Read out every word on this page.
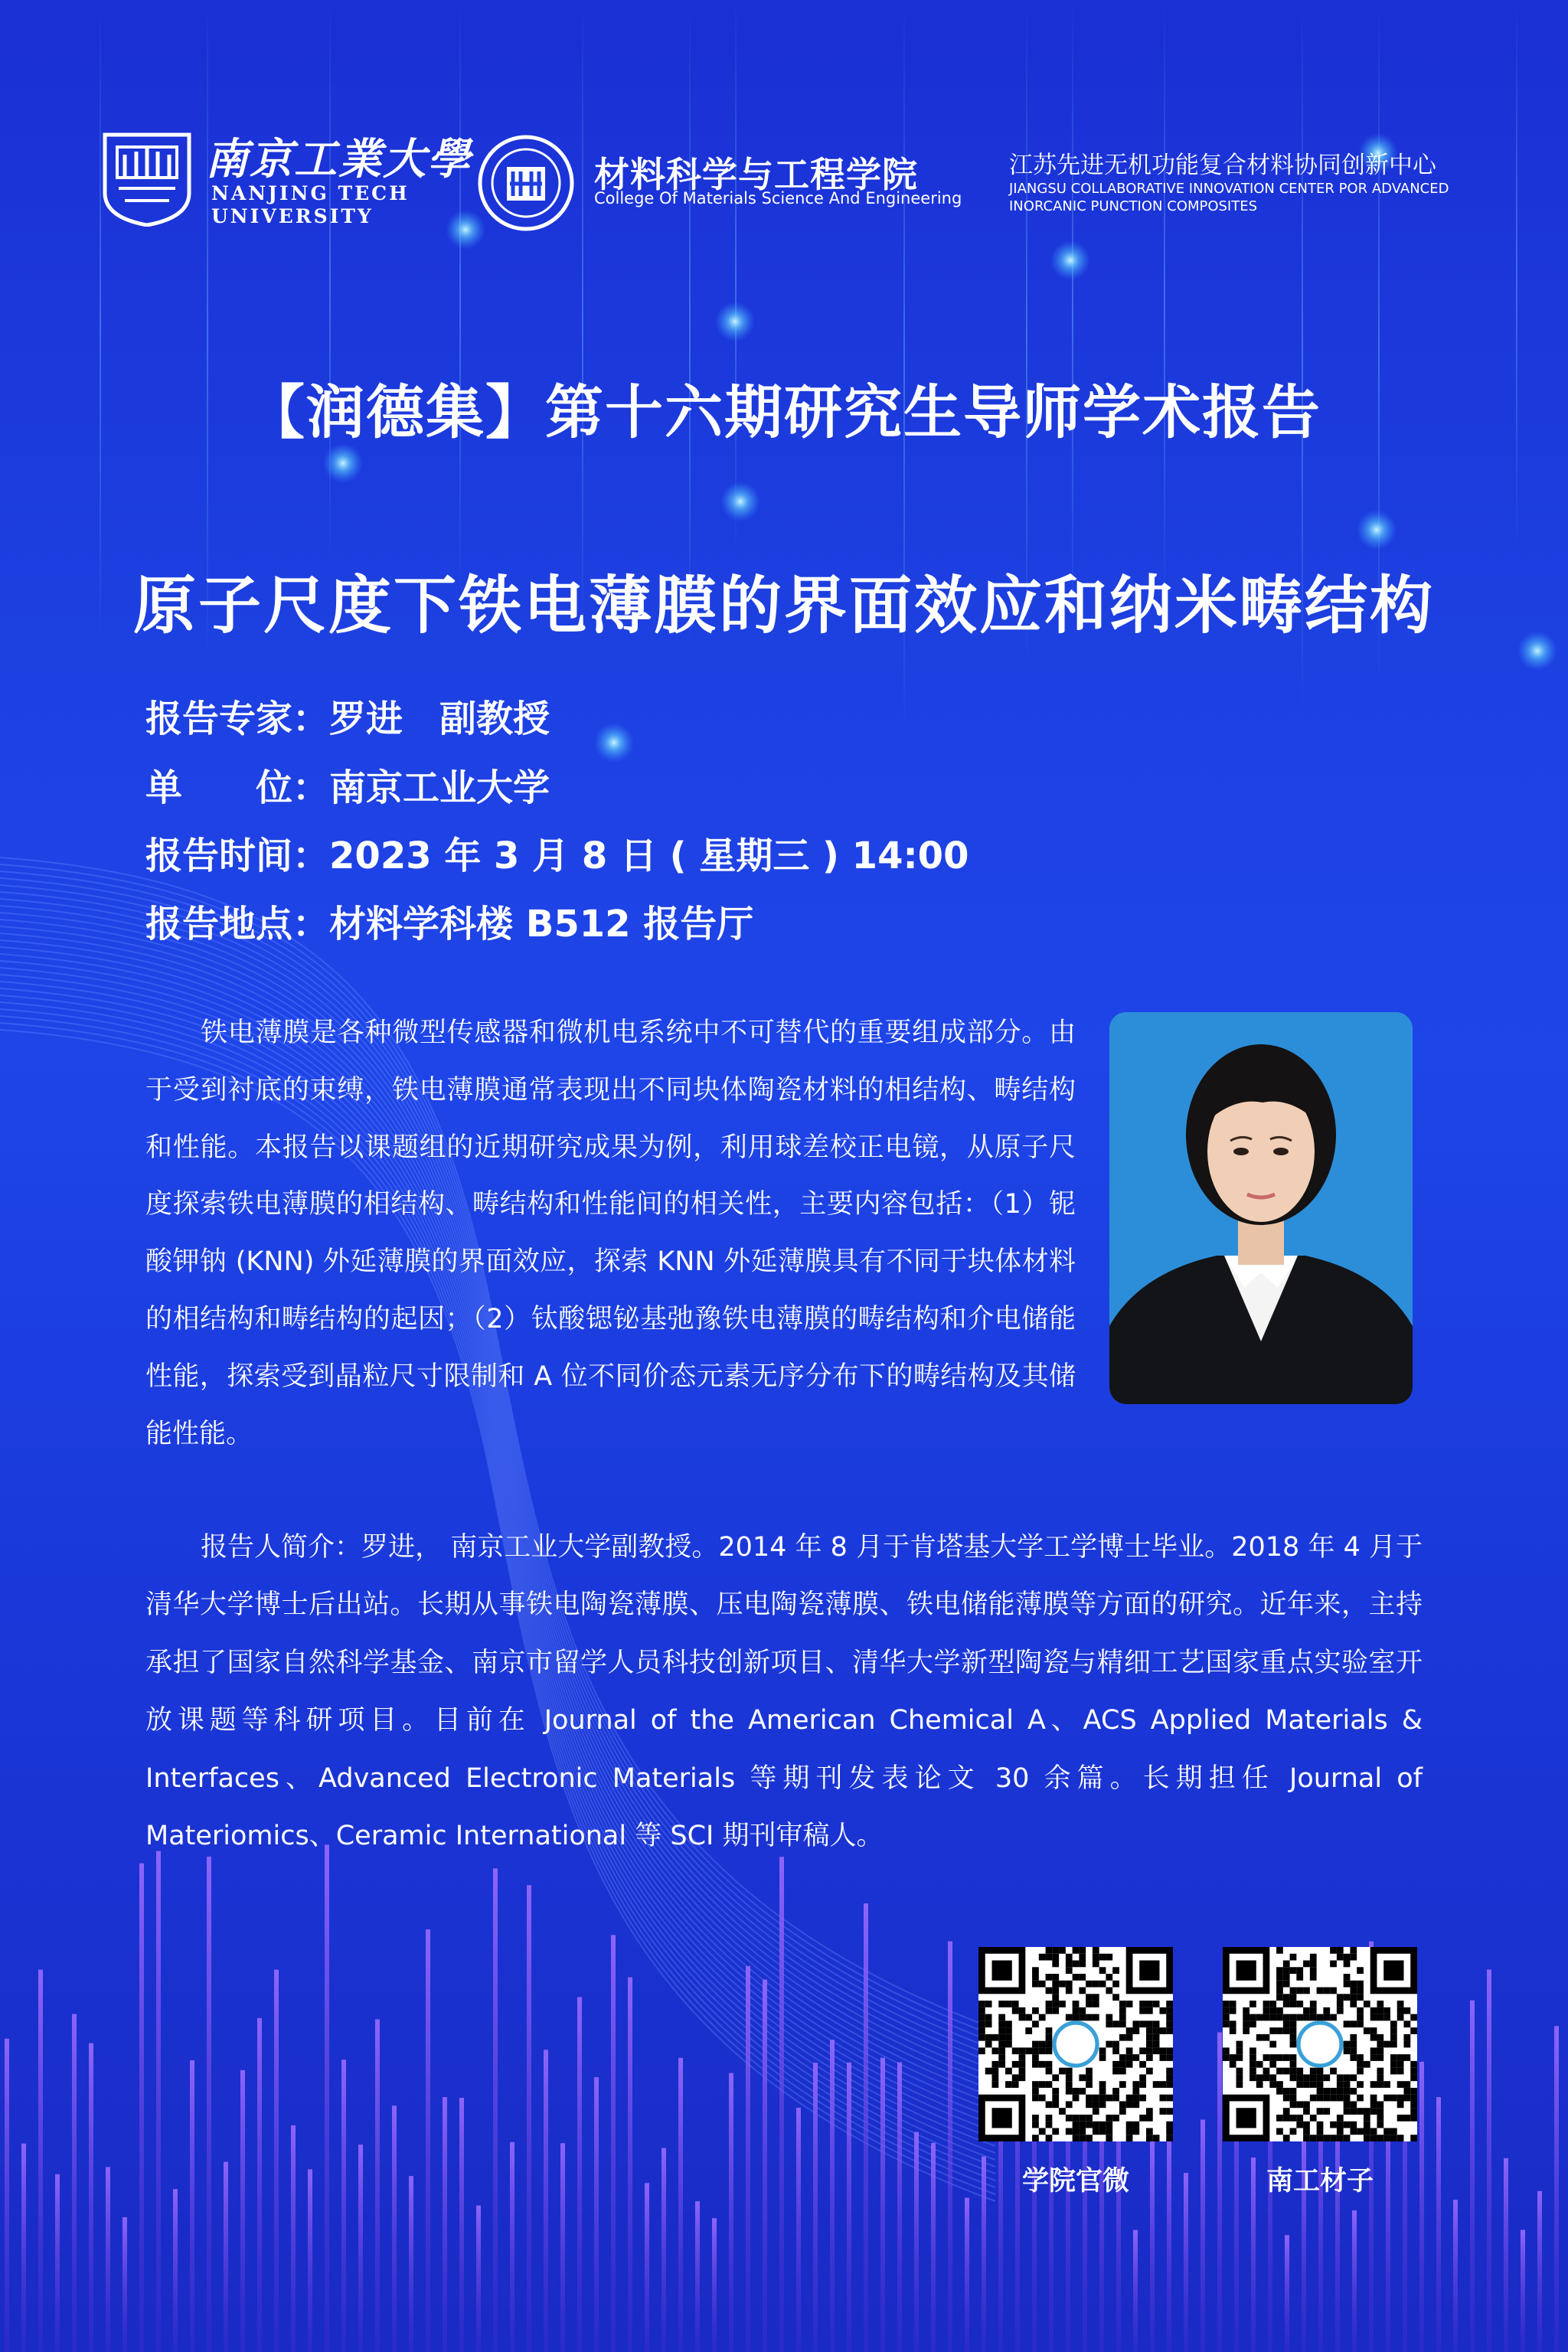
南京工業大學
NANJING TECH
UNIVERSITY
材料科学与工程学院
College Of Materials Science And Engineering
江苏先进无机功能复合材料协同创新中心
JIANGSU COLLABORATIVE INNOVATION CENTER POR ADVANCED
INORCANIC PUNCTION COMPOSITES
【润德集】第十六期研究生导师学术报告
原子尺度下铁电薄膜的界面效应和纳米畴结构
报告专家：罗进　副教授
单　　位：南京工业大学
报告时间：2023 年 3 月 8 日 ( 星期三 ) 14:00
报告地点：材料学科楼 B512 报告厅
铁电薄膜是各种微型传感器和微机电系统中不可替代的重要组成部分。由于受到衬底的束缚，铁电薄膜通常表现出不同块体陶瓷材料的相结构、畴结构和性能。本报告以课题组的近期研究成果为例，利用球差校正电镜，从原子尺度探索铁电薄膜的相结构、畴结构和性能间的相关性，主要内容包括：（1）铌酸钾钠 (KNN) 外延薄膜的界面效应，探索 KNN 外延薄膜具有不同于块体材料的相结构和畴结构的起因；（2）钛酸锶铋基弛豫铁电薄膜的畴结构和介电储能性能，探索受到晶粒尺寸限制和 A 位不同价态元素无序分布下的畴结构及其储能性能。
报告人简介：罗进， 南京工业大学副教授。2014 年 8 月于肯塔基大学工学博士毕业。2018 年 4 月于清华大学博士后出站。长期从事铁电陶瓷薄膜、压电陶瓷薄膜、铁电储能薄膜等方面的研究。近年来，主持承担了国家自然科学基金、南京市留学人员科技创新项目、清华大学新型陶瓷与精细工艺国家重点实验室开放课题等科研项目。目前在 Journal of the American Chemical A、ACS Applied Materials & Interfaces、Advanced Electronic Materials 等期刊发表论文 30 余篇。长期担任 Journal of Materiomics、Ceramic International 等 SCI 期刊审稿人。
学院官微	南工材子
